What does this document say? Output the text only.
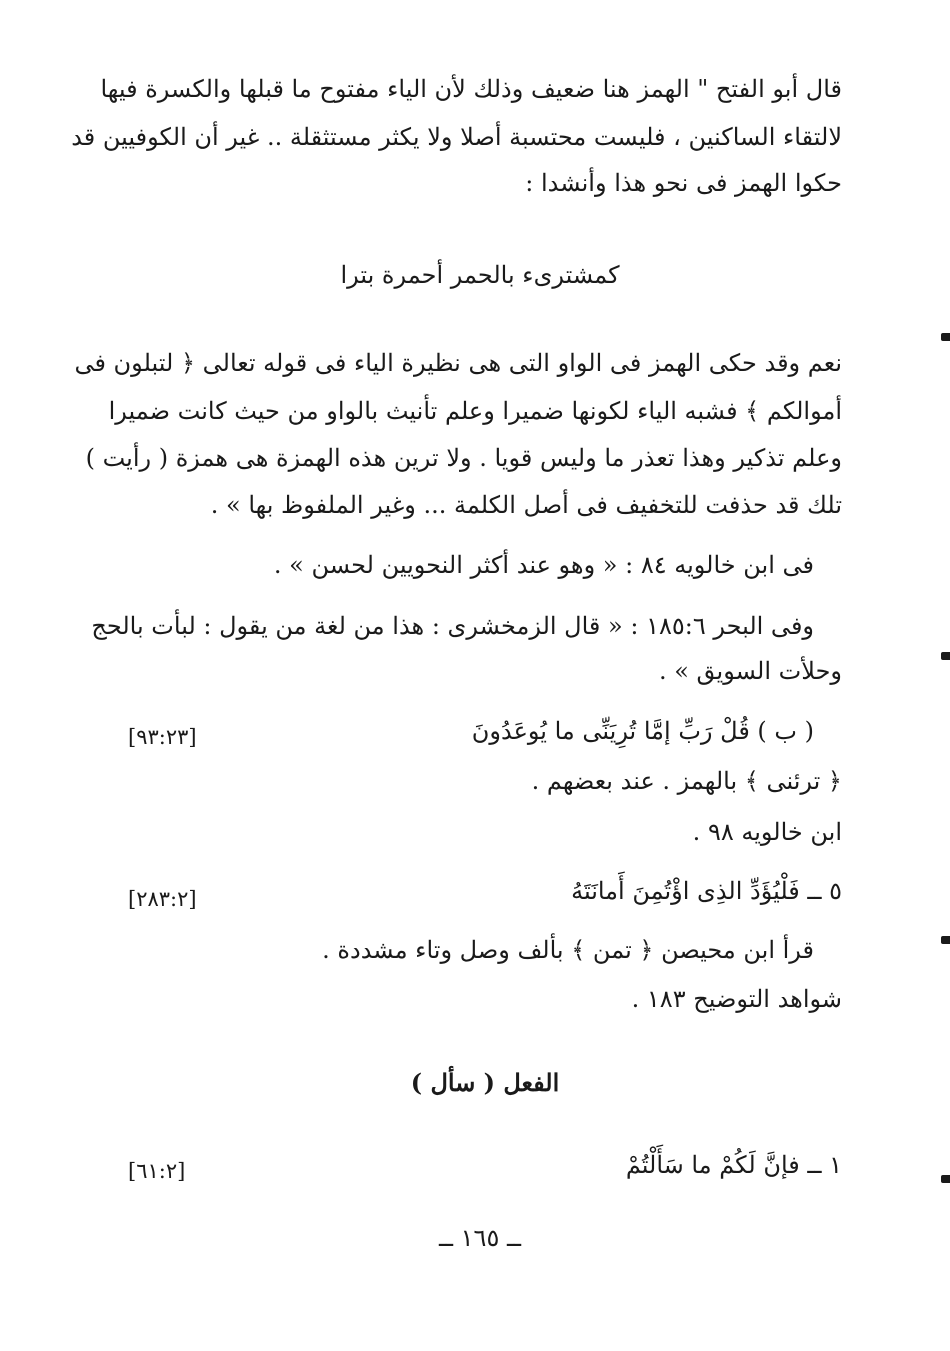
قال أبو الفتح " الهمز هنا ضعيف وذلك لأن الياء مفتوح ما قبلها والكسرة فيها

لالتقاء الساكنين ، فليست محتسبة أصلا ولا يكثر مستثقلة .. غير أن الكوفيين قد

حكوا الهمز فى نحو هذا وأنشدا :

كمشترىء بالحمر أحمرة بترا

نعم وقد حكى الهمز فى الواو التى هى نظيرة الياء فى قوله تعالى ﴿ لتبلون فى

أموالكم ﴾ فشبه الياء لكونها ضميرا وعلم تأنيث بالواو من حيث كانت ضميرا

وعلم تذكير وهذا تعذر ما وليس قويا . ولا ترين هذه الهمزة هى همزة ( رأيت )

تلك قد حذفت للتخفيف فى أصل الكلمة ... وغير الملفوظ بها » .

فى ابن خالويه ٨٤ : « وهو عند أكثر النحويين لحسن » .

وفى البحر ١٨٥:٦ : « قال الزمخشرى : هذا من لغة من يقول : لبأت بالحج

وحلأت السويق » .

( ب ) قُلْ رَبِّ إمَّا تُرِيَنِّى ما يُوعَدُونَ

[٩٣:٢٣]

﴿ ترئنى ﴾ بالهمز . عند بعضهم .

ابن خالويه ٩٨ .

٥ ــ فَلْيُؤَدِّ الذِى اؤْتُمِنَ أَمانَتَهُ

[٢٨٣:٢]

قرأ ابن محيصن ﴿ تمن ﴾ بألف وصل وتاء مشددة .

شواهد التوضيح ١٨٣ .

الفعل ( سأل )

١ ــ فإنَّ لَكُمْ ما سَأَلْتُمْ

[٦١:٢]

ــ ١٦٥ ــ
